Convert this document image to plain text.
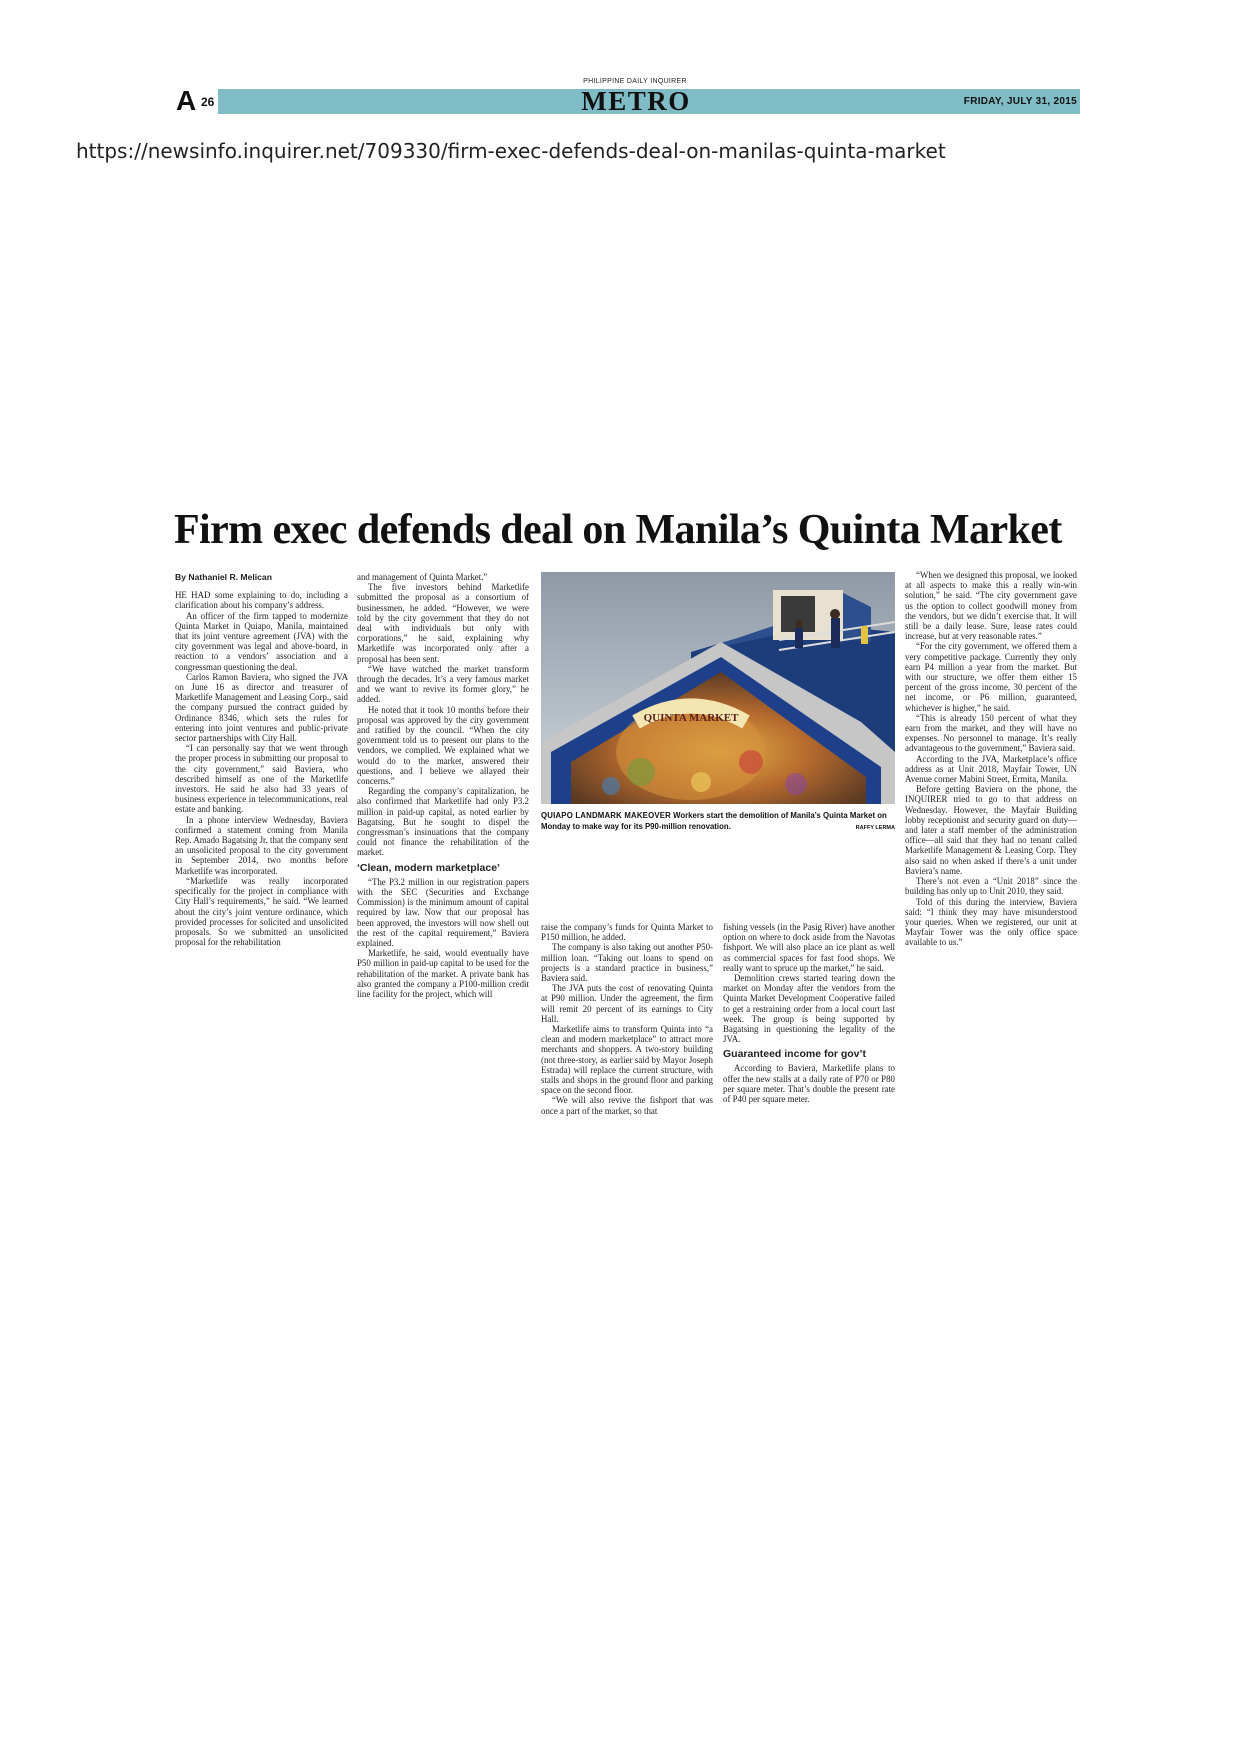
PHILIPPINE DAILY INQUIRER
A 26	METRO	FRIDAY, JULY 31, 2015
https://newsinfo.inquirer.net/709330/firm-exec-defends-deal-on-manilas-quinta-market
Firm exec defends deal on Manila’s Quinta Market
By Nathaniel R. Melican

HE HAD some explaining to do, including a clarification about his company’s address.

An officer of the firm tapped to modernize Quinta Market in Quiapo, Manila, maintained that its joint venture agreement (JVA) with the city government was legal and above-board, in reaction to a vendors’ association and a congressman questioning the deal.

Carlos Ramon Baviera, who signed the JVA on June 16 as director and treasurer of Marketlife Management and Leasing Corp., said the company pursued the contract guided by Ordinance 8346, which sets the rules for entering into joint ventures and public-private sector partnerships with City Hall.

“I can personally say that we went through the proper process in submitting our proposal to the city government,” said Baviera, who described himself as one of the Marketlife investors. He said he also had 33 years of business experience in telecommunications, real estate and banking.

In a phone interview Wednesday, Baviera confirmed a statement coming from Manila Rep. Amado Bagatsing Jr. that the company sent an unsolicited proposal to the city government in September 2014, two months before Marketlife was incorporated.

“Marketlife was really incorporated specifically for the project in compliance with City Hall’s requirements,” he said. “We learned about the city’s joint venture ordinance, which provided processes for solicited and unsolicited proposals. So we submitted an unsolicited proposal for the rehabilitation

and management of Quinta Market.”

The five investors behind Marketlife submitted the proposal as a consortium of businessmen, he added. “However, we were told by the city government that they do not deal with individuals but only with corporations,” he said, explaining why Marketlife was incorporated only after a proposal has been sent.

“We have watched the market transform through the decades. It’s a very famous market and we want to revive its former glory,” he added.

He noted that it took 10 months before their proposal was approved by the city government and ratified by the council. “When the city government told us to present our plans to the vendors, we complied. We explained what we would do to the market, answered their questions, and I believe we allayed their concerns.”

Regarding the company’s capitalization, he also confirmed that Marketlife had only P3.2 million in paid-up capital, as noted earlier by Bagatsing. But he sought to dispel the congressman’s insinuations that the company could not finance the rehabilitation of the market.

‘Clean, modern marketplace’

“The P3.2 million in our registration papers with the SEC (Securities and Exchange Commission) is the minimum amount of capital required by law. Now that our proposal has been approved, the investors will now shell out the rest of the capital requirement,” Baviera explained.

Marketlife, he said, would eventually have P50 million in paid-up capital to be used for the rehabilitation of the market. A private bank has also granted the company a P100-million credit line facility for the project, which will

QUINTA MARKET
QUIAPO LANDMARK MAKEOVER Workers start the demolition of Manila’s Quinta Market on Monday to make way for its P90-million renovation.	RAFFY LERMA

raise the company’s funds for Quinta Market to P150 million, he added.

The company is also taking out another P50-million loan. “Taking out loans to spend on projects is a standard practice in business,” Baviera said.

The JVA puts the cost of renovating Quinta at P90 million. Under the agreement, the firm will remit 20 percent of its earnings to City Hall.

Marketlife aims to transform Quinta into “a clean and modern marketplace” to attract more merchants and shoppers. A two-story building (not three-story, as earlier said by Mayor Joseph Estrada) will replace the current structure, with stalls and shops in the ground floor and parking space on the second floor.

“We will also revive the fishport that was once a part of the market, so that

fishing vessels (in the Pasig River) have another option on where to dock aside from the Navotas fishport. We will also place an ice plant as well as commercial spaces for fast food shops. We really want to spruce up the market,” he said.

Demolition crews started tearing down the market on Monday after the vendors from the Quinta Market Development Cooperative failed to get a restraining order from a local court last week. The group is being supported by Bagatsing in questioning the legality of the JVA.

Guaranteed income for gov’t

According to Baviera, Marketlife plans to offer the new stalls at a daily rate of P70 or P80 per square meter. That’s double the present rate of P40 per square meter.

“When we designed this proposal, we looked at all aspects to make this a really win-win solution,” he said. “The city government gave us the option to collect goodwill money from the vendors, but we didn’t exercise that. It will still be a daily lease. Sure, lease rates could increase, but at very reasonable rates.”

“For the city government, we offered them a very competitive package. Currently they only earn P4 million a year from the market. But with our structure, we offer them either 15 percent of the gross income, 30 percent of the net income, or P6 million, guaranteed, whichever is higher,” he said.

“This is already 150 percent of what they earn from the market, and they will have no expenses. No personnel to manage. It’s really advantageous to the government,” Baviera said.

According to the JVA, Marketplace’s office address as at Unit 2018, Mayfair Tower, UN Avenue corner Mabini Street, Ermita, Manila.

Before getting Baviera on the phone, the INQUIRER tried to go to that address on Wednesday. However, the Mayfair Building lobby receptionist and security guard on duty—and later a staff member of the administration office—all said that they had no tenant called Marketlife Management & Leasing Corp. They also said no when asked if there’s a unit under Baviera’s name.

There’s not even a “Unit 2018” since the building has only up to Unit 2010, they said.

Told of this during the interview, Baviera said: “I think they may have misunderstood your queries. When we registered, our unit at Mayfair Tower was the only office space available to us.”
